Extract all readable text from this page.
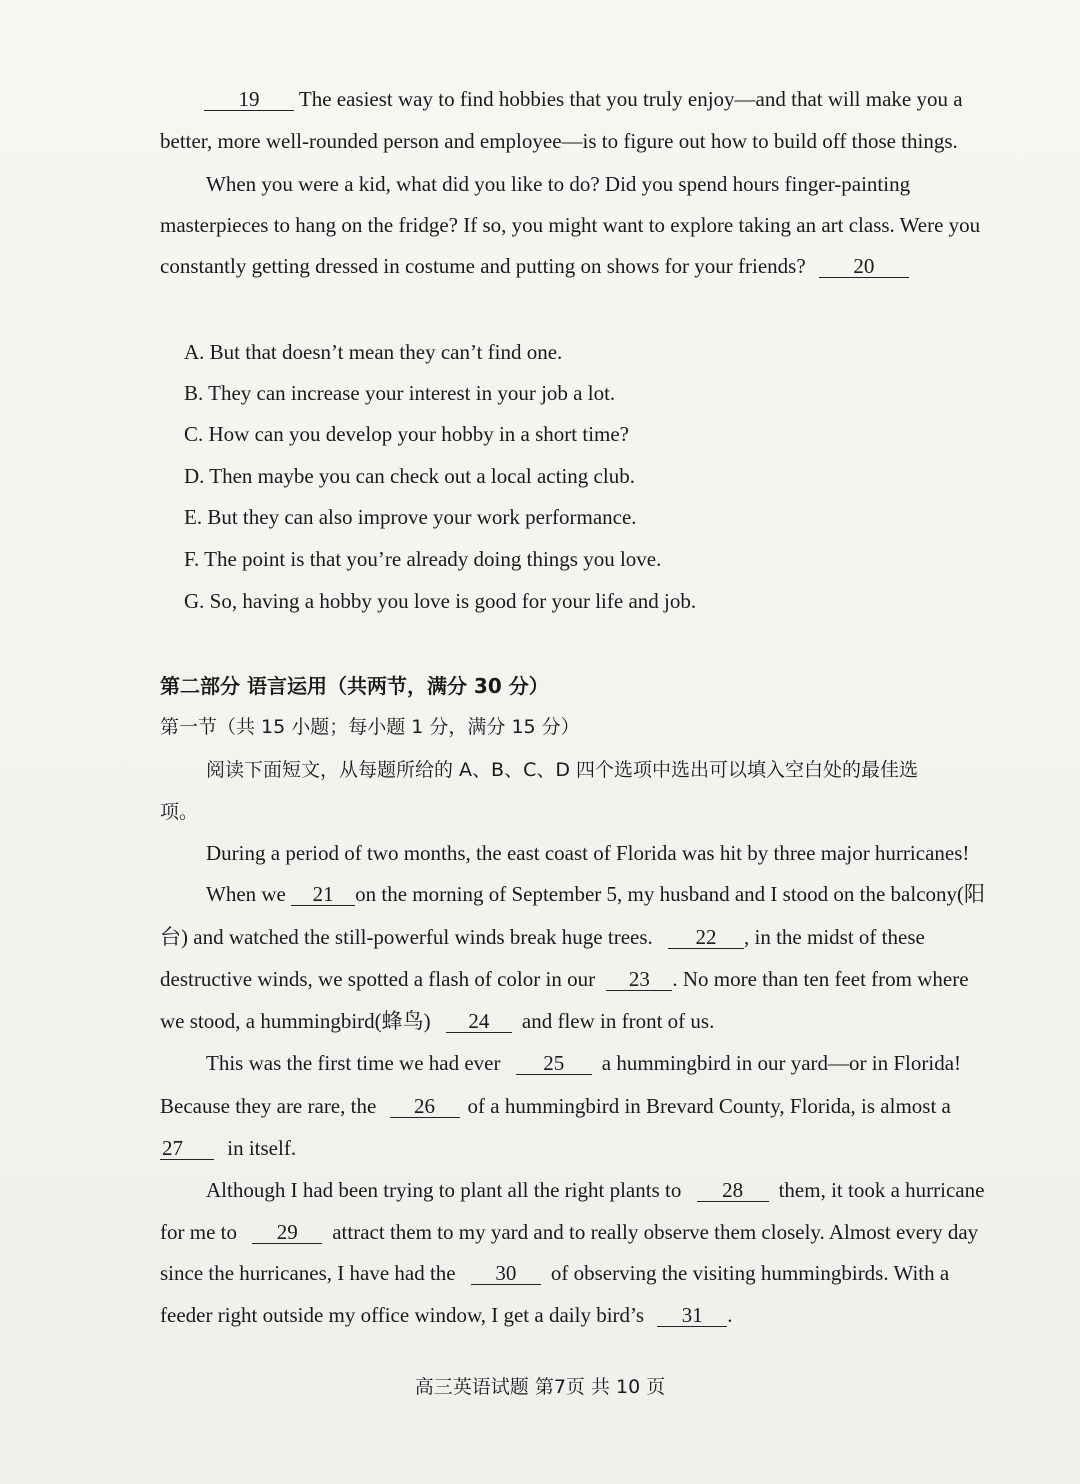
19 The easiest way to find hobbies that you truly enjoy—and that will make you a
better, more well-rounded person and employee—is to figure out how to build off those things.
When you were a kid, what did you like to do? Did you spend hours finger-painting
masterpieces to hang on the fridge? If so, you might want to explore taking an art class. Were you
constantly getting dressed in costume and putting on shows for your friends? 20
A. But that doesn’t mean they can’t find one.
B. They can increase your interest in your job a lot.
C. How can you develop your hobby in a short time?
D. Then maybe you can check out a local acting club.
E. But they can also improve your work performance.
F. The point is that you’re already doing things you love.
G. So, having a hobby you love is good for your life and job.
第二部分 语言运用（共两节，满分 30 分）
第一节（共 15 小题；每小题 1 分，满分 15 分）
阅读下面短文，从每题所给的 A、B、C、D 四个选项中选出可以填入空白处的最佳选
项。
During a period of two months, the east coast of Florida was hit by three major hurricanes!
When we 21 on the morning of September 5, my husband and I stood on the balcony(阳
台) and watched the still-powerful winds break huge trees. 22 , in the midst of these
destructive winds, we spotted a flash of color in our 23 . No more than ten feet from where
we stood, a hummingbird(蜂鸟) 24 and flew in front of us.
This was the first time we had ever 25 a hummingbird in our yard—or in Florida!
Because they are rare, the 26 of a hummingbird in Brevard County, Florida, is almost a
27 in itself.
Although I had been trying to plant all the right plants to 28 them, it took a hurricane
for me to 29 attract them to my yard and to really observe them closely. Almost every day
since the hurricanes, I have had the 30 of observing the visiting hummingbirds. With a
feeder right outside my office window, I get a daily bird’s 31 .
高三英语试题 第7页 共 10 页
